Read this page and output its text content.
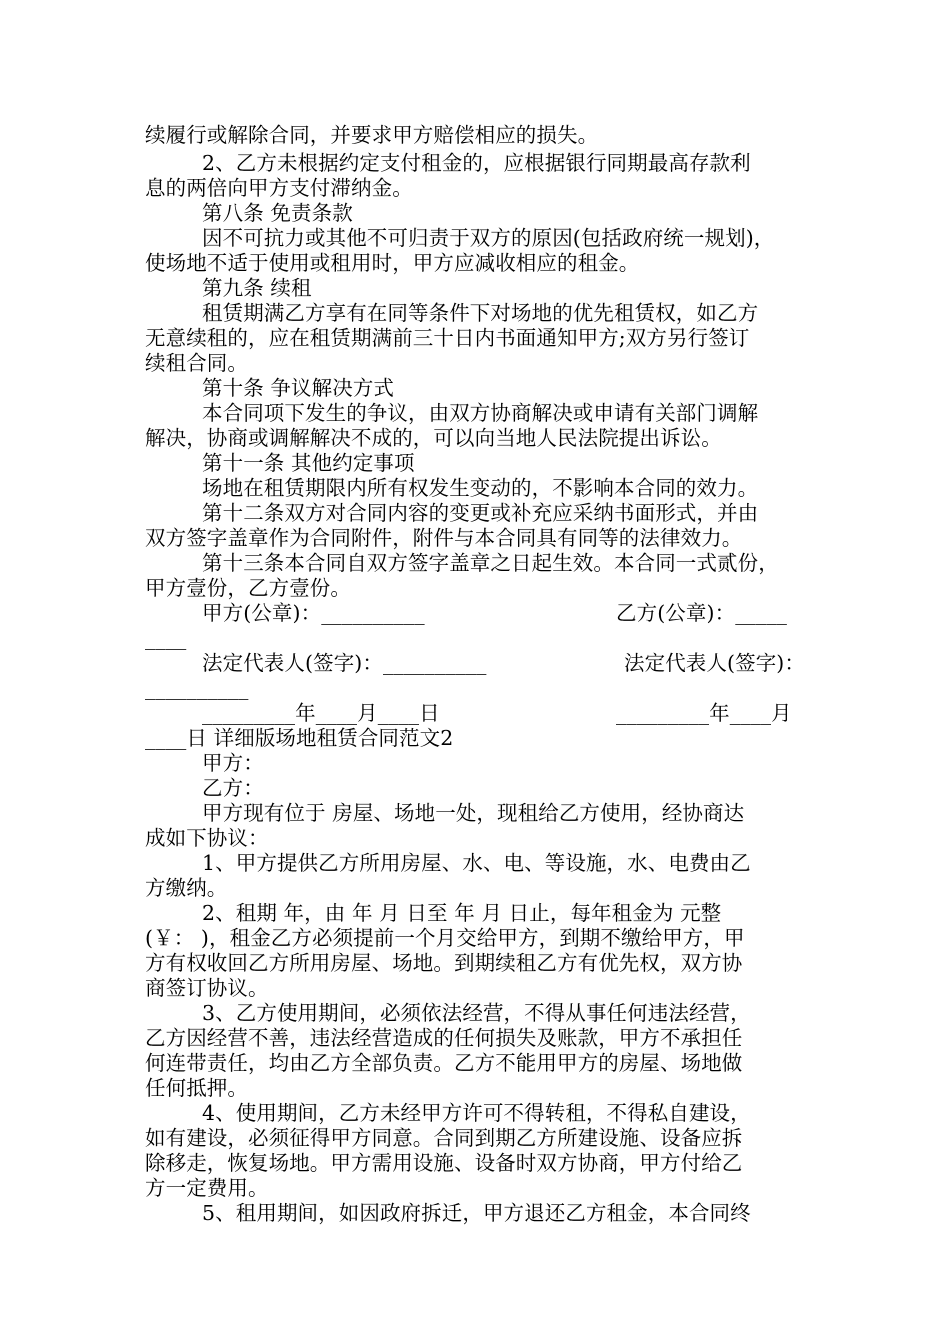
续履行或解除合同，并要求甲方赔偿相应的损失。
2、乙方未根据约定支付租金的，应根据银行同期最高存款利
息的两倍向甲方支付滞纳金。
第八条 免责条款
因不可抗力或其他不可归责于双方的原因(包括政府统一规划)，
使场地不适于使用或租用时，甲方应减收相应的租金。
第九条 续租
租赁期满乙方享有在同等条件下对场地的优先租赁权，如乙方
无意续租的，应在租赁期满前三十日内书面通知甲方;双方另行签订
续租合同。
第十条 争议解决方式
本合同项下发生的争议，由双方协商解决或申请有关部门调解
解决，协商或调解解决不成的，可以向当地人民法院提出诉讼。
第十一条 其他约定事项
场地在租赁期限内所有权发生变动的，不影响本合同的效力。
第十二条双方对合同内容的变更或补充应采纳书面形式，并由
双方签字盖章作为合同附件，附件与本合同具有同等的法律效力。
第十三条本合同自双方签字盖章之日起生效。本合同一式贰份，
甲方壹份，乙方壹份。
甲方(公章)：__________	乙方(公章)：_____
____
法定代表人(签字)：__________	法定代表人(签字)：
__________
_________年____月____日	_________年____月
____日 详细版场地租赁合同范文2
甲方：
乙方：
甲方现有位于 房屋、场地一处，现租给乙方使用，经协商达
成如下协议：
1、甲方提供乙方所用房屋、水、电、等设施，水、电费由乙
方缴纳。
2、租期 年，由 年 月 日至 年 月 日止，每年租金为 元整
(￥： )，租金乙方必须提前一个月交给甲方，到期不缴给甲方，甲
方有权收回乙方所用房屋、场地。到期续租乙方有优先权，双方协
商签订协议。
3、乙方使用期间，必须依法经营，不得从事任何违法经营，
乙方因经营不善，违法经营造成的任何损失及账款，甲方不承担任
何连带责任，均由乙方全部负责。乙方不能用甲方的房屋、场地做
任何抵押。
4、使用期间，乙方未经甲方许可不得转租，不得私自建设，
如有建设，必须征得甲方同意。合同到期乙方所建设施、设备应拆
除移走，恢复场地。甲方需用设施、设备时双方协商，甲方付给乙
方一定费用。
5、租用期间，如因政府拆迁，甲方退还乙方租金，本合同终
